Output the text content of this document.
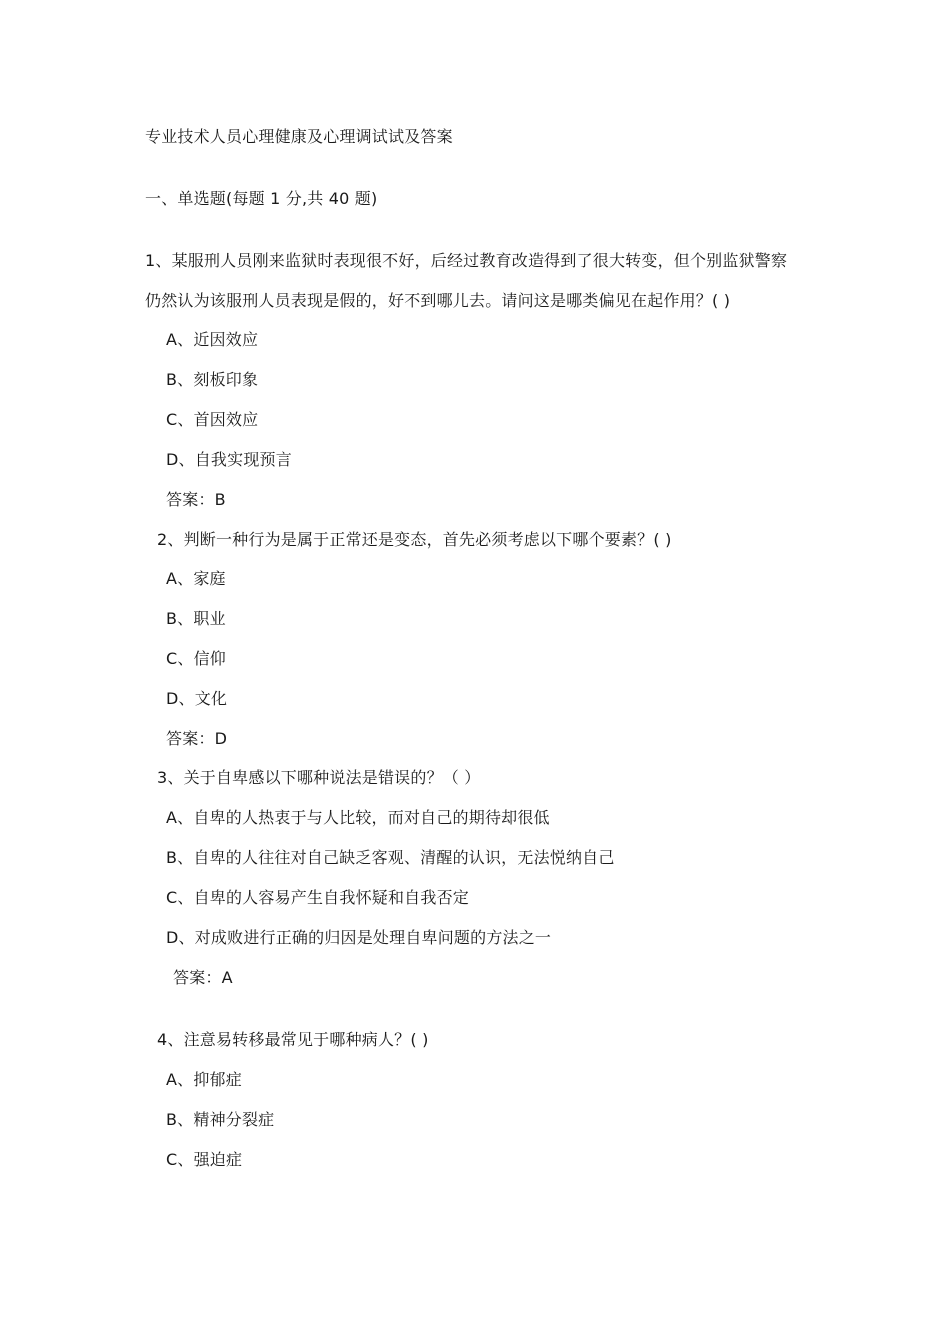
专业技术人员心理健康及心理调试试及答案
一、单选题(每题 1 分,共 40 题)
1、某服刑人员刚来监狱时表现很不好，后经过教育改造得到了很大转变，但个别监狱警察
仍然认为该服刑人员表现是假的，好不到哪儿去。请问这是哪类偏见在起作用？( )
A、近因效应
B、刻板印象
C、首因效应
D、自我实现预言
答案：B
2、判断一种行为是属于正常还是变态，首先必须考虑以下哪个要素？( )
A、家庭
B、职业
C、信仰
D、文化
答案：D
3、关于自卑感以下哪种说法是错误的？（ ）
A、自卑的人热衷于与人比较，而对自己的期待却很低
B、自卑的人往往对自己缺乏客观、清醒的认识，无法悦纳自己
C、自卑的人容易产生自我怀疑和自我否定
D、对成败进行正确的归因是处理自卑问题的方法之一
答案：A
4、注意易转移最常见于哪种病人？( )
A、抑郁症
B、精神分裂症
C、强迫症
